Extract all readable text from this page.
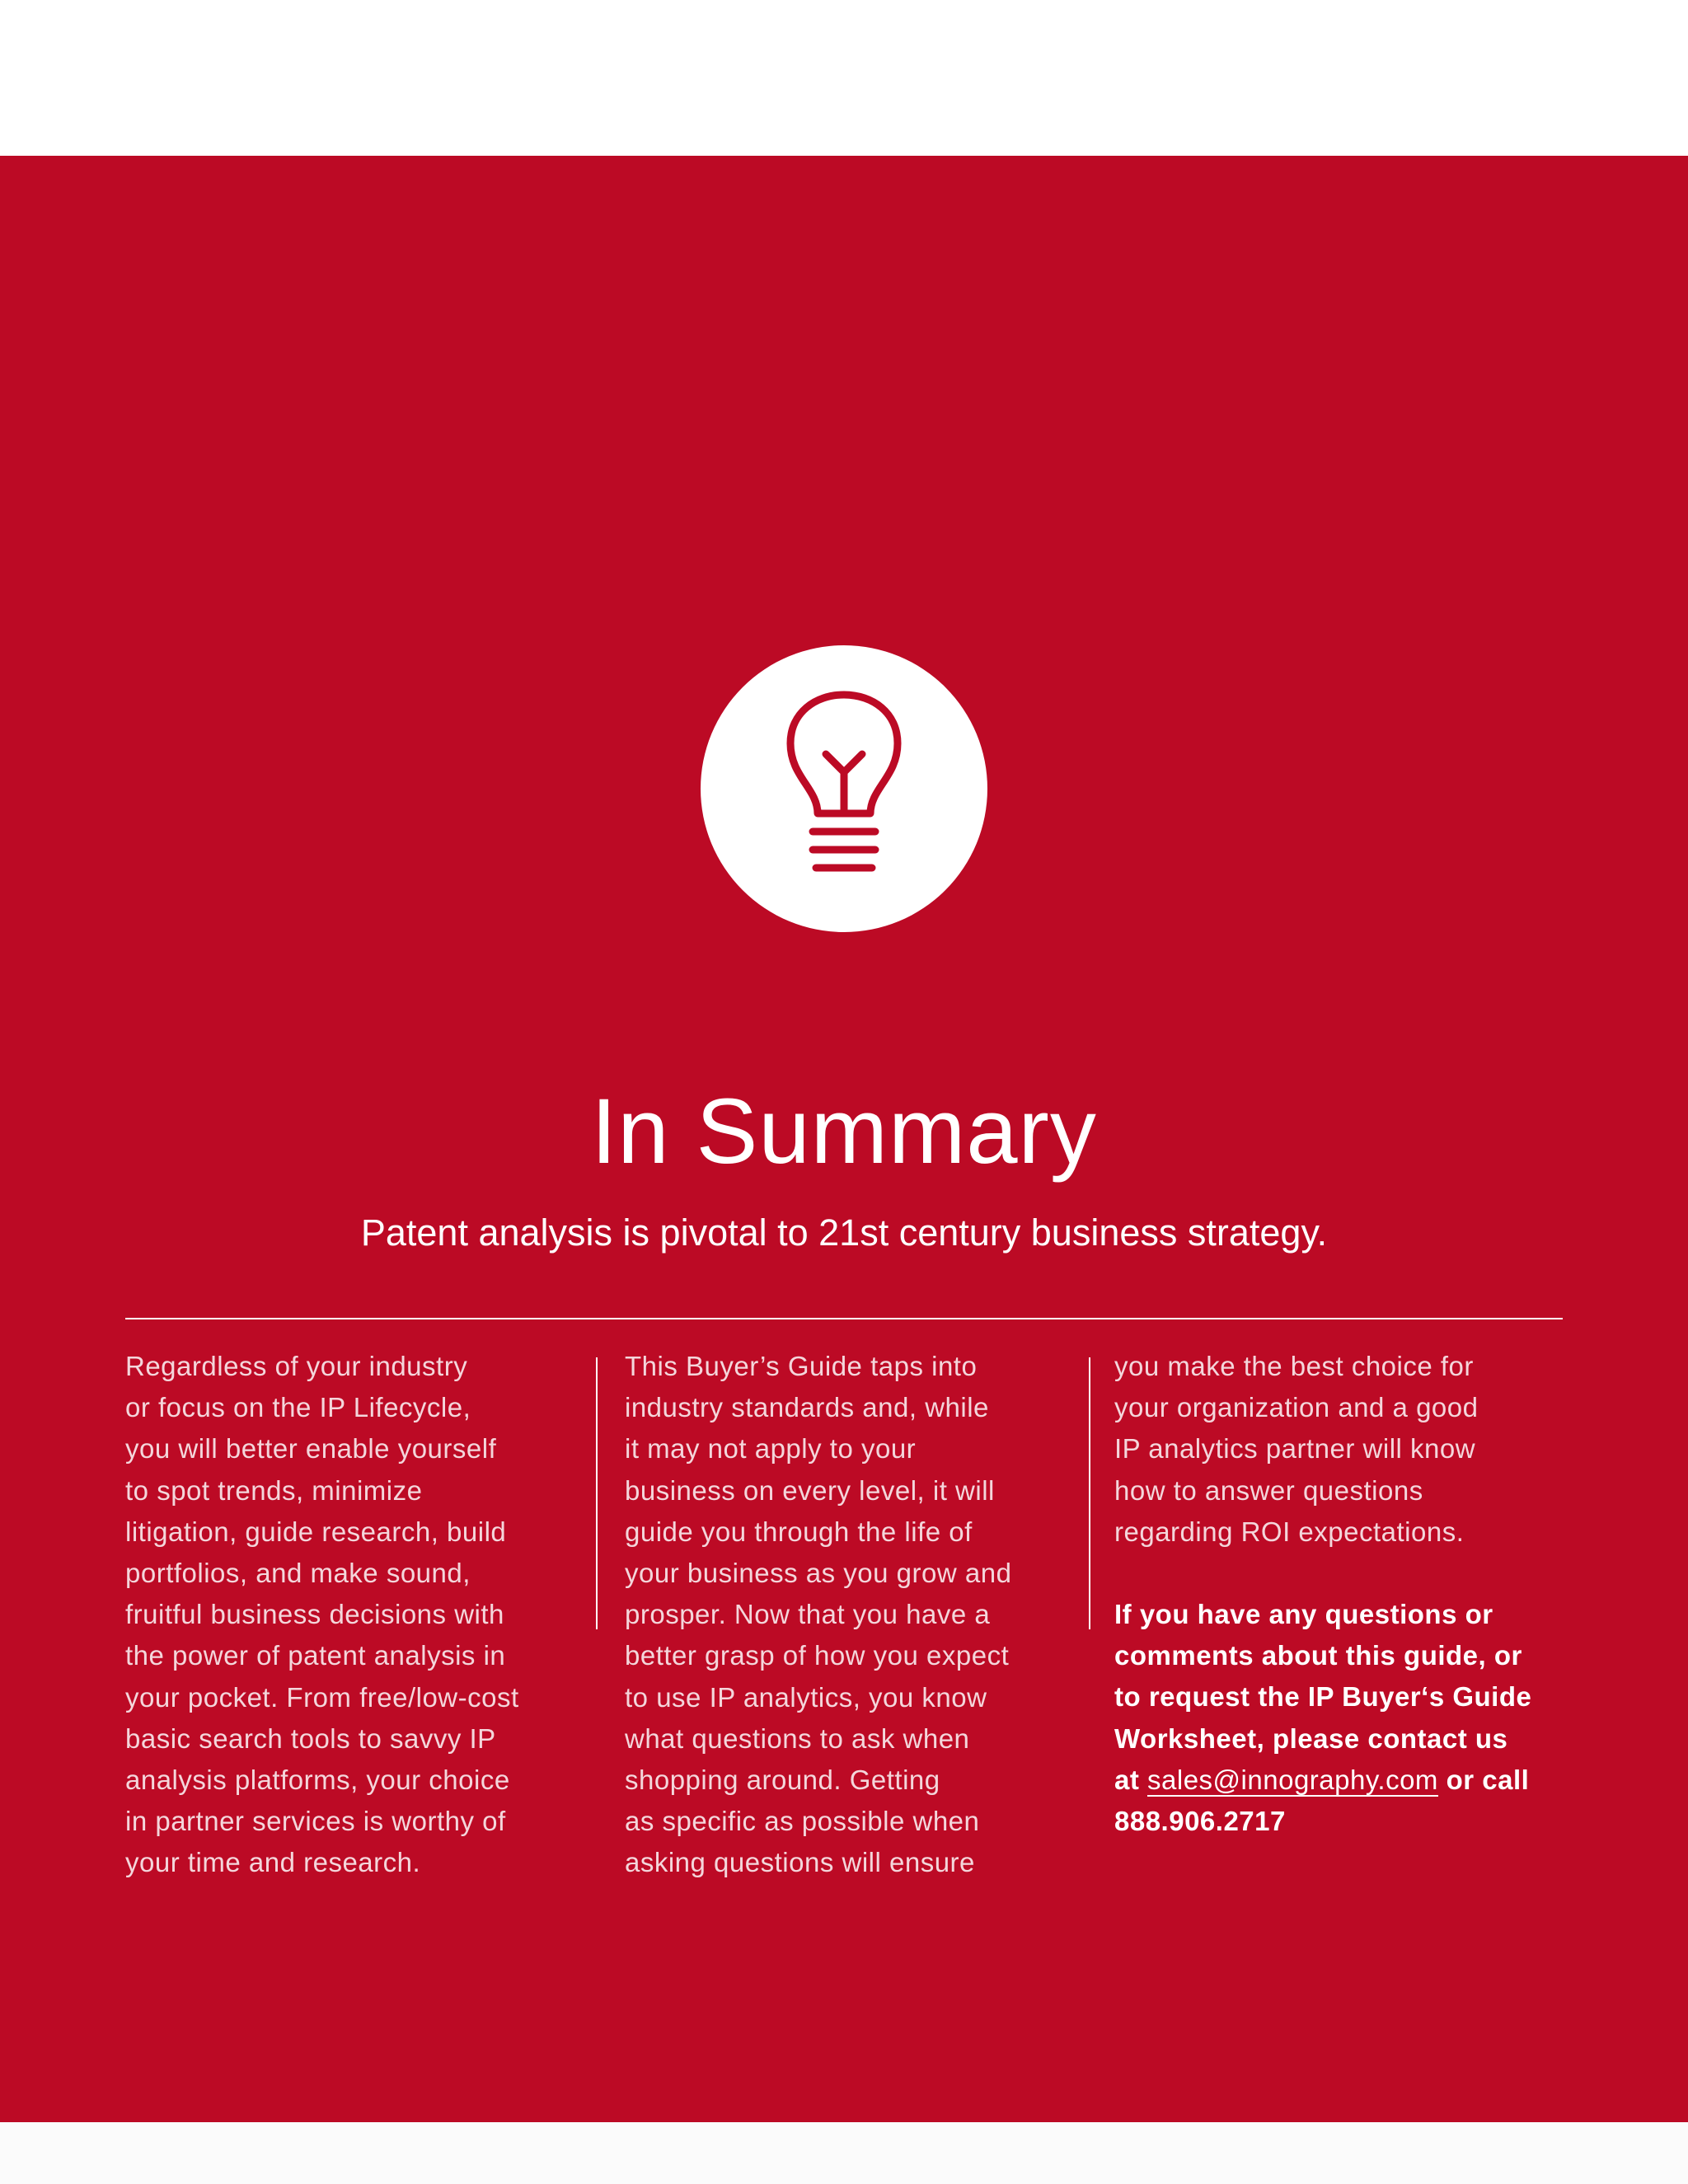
In Summary
Patent analysis is pivotal to 21st century business strategy.

Regardless of your industry
or focus on the IP Lifecycle,
you will better enable yourself
to spot trends, minimize
litigation, guide research, build
portfolios, and make sound,
fruitful business decisions with
the power of patent analysis in
your pocket. From free/low-cost
basic search tools to savvy IP
analysis platforms, your choice
in partner services is worthy of
your time and research.

This Buyer’s Guide taps into
industry standards and, while
it may not apply to your
business on every level, it will
guide you through the life of
your business as you grow and
prosper. Now that you have a
better grasp of how you expect
to use IP analytics, you know
what questions to ask when
shopping around. Getting
as specific as possible when
asking questions will ensure

you make the best choice for
your organization and a good
IP analytics partner will know
how to answer questions
regarding ROI expectations.

If you have any questions or
comments about this guide, or
to request the IP Buyer‘s Guide
Worksheet, please contact us
at sales@innography.com or call
888.906.2717
